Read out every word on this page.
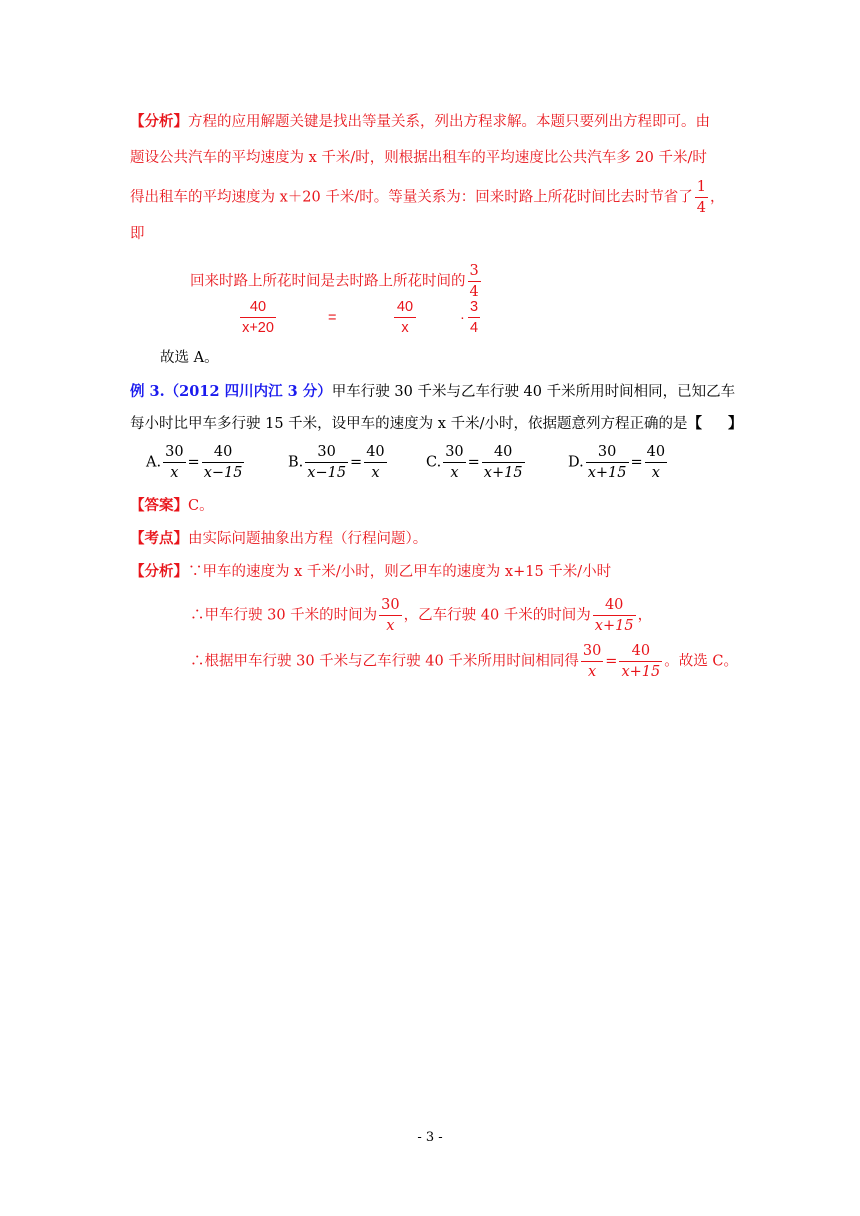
【分析】方程的应用解题关键是找出等量关系，列出方程求解。本题只要列出方程即可。由
题设公共汽车的平均速度为 x 千米/时，则根据出租车的平均速度比公共汽车多 20 千米/时
得出租车的平均速度为 x＋20 千米/时。等量关系为：回来时路上所花时间比去时节省了 $\frac{1}{4}$ ，
即
回来时路上所花时间是去时路上所花时间的 $\frac{3}{4}$
$\frac{40}{x+20}$	=	$\frac{40}{x}$	· $\frac{3}{4}$
故选 A。
例 3.（2012 四川内江 3 分）甲车行驶 30 千米与乙车行驶 40 千米所用时间相同，已知乙车
每小时比甲车多行驶 15 千米，设甲车的速度为 x 千米/小时，依据题意列方程正确的是【 】
A. $\frac{30}{x} = \frac{40}{x-15}$	B. $\frac{30}{x-15} = \frac{40}{x}$	C. $\frac{30}{x} = \frac{40}{x+15}$	D. $\frac{30}{x+15} = \frac{40}{x}$
【答案】C。
【考点】由实际问题抽象出方程（行程问题）。
【分析】∵甲车的速度为 x 千米/小时，则乙甲车的速度为 x+15 千米/小时
∴甲车行驶 30 千米的时间为 $\frac{30}{x}$ ，乙车行驶 40 千米的时间为 $\frac{40}{x+15}$ ，
∴根据甲车行驶 30 千米与乙车行驶 40 千米所用时间相同得 $\frac{30}{x} = \frac{40}{x+15}$ 。故选 C。
- 3 -
